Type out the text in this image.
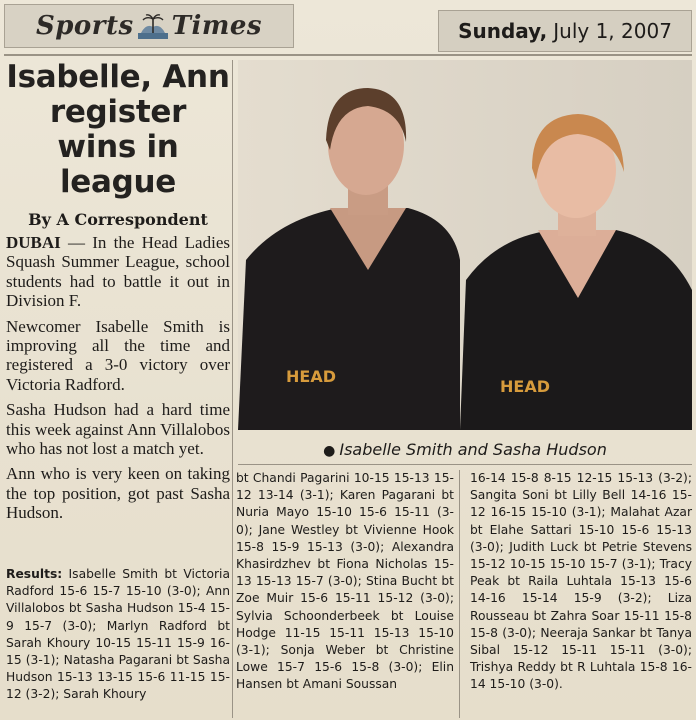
Sports Times	Sunday, July 1, 2007
Isabelle, Ann register wins in league
By A Correspondent

DUBAI — In the Head Ladies Squash Summer League, school students had to battle it out in Division F.

Newcomer Isabelle Smith is improving all the time and registered a 3-0 victory over Victoria Radford.

Sasha Hudson had a hard time this week against Ann Villalobos who has not lost a match yet.

Ann who is very keen on taking the top position, got past Sasha Hudson.

HEAD
HEAD
● Isabelle Smith and Sasha Hudson
Results: Isabelle Smith bt Victoria Radford 15-6 15-7 15-10 (3-0); Ann Villalobos bt Sasha Hudson 15-4 15-9 15-7 (3-0); Marlyn Radford bt Sarah Khoury 10-15 15-11 15-9 16-15 (3-1); Natasha Pagarani bt Sasha Hudson 15-13 13-15 15-6 11-15 15-12 (3-2); Sarah Khoury
bt Chandi Pagarini 10-15 15-13 15-12 13-14 (3-1); Karen Pagarani bt Nuria Mayo 15-10 15-6 15-11 (3-0); Jane Westley bt Vivienne Hook 15-8 15-9 15-13 (3-0); Alexandra Khasirdzhev bt Fiona Nicholas 15-13 15-13 15-7 (3-0); Stina Bucht bt Zoe Muir 15-6 15-11 15-12 (3-0); Sylvia Schoonderbeek bt Louise Hodge 11-15 15-11 15-13 15-10 (3-1); Sonja Weber bt Christine Lowe 15-7 15-6 15-8 (3-0); Elin Hansen bt Amani Soussan
16-14 15-8 8-15 12-15 15-13 (3-2); Sangita Soni bt Lilly Bell 14-16 15-12 16-15 15-10 (3-1); Malahat Azar bt Elahe Sattari 15-10 15-6 15-13 (3-0); Judith Luck bt Petrie Stevens 15-12 10-15 15-10 15-7 (3-1); Tracy Peak bt Raila Luhtala 15-13 15-6 14-16 15-14 15-9 (3-2); Liza Rousseau bt Zahra Soar 15-11 15-8 15-8 (3-0); Neeraja Sankar bt Tanya Sibal 15-12 15-11 15-11 (3-0); Trishya Reddy bt R Luhtala 15-8 16-14 15-10 (3-0).
